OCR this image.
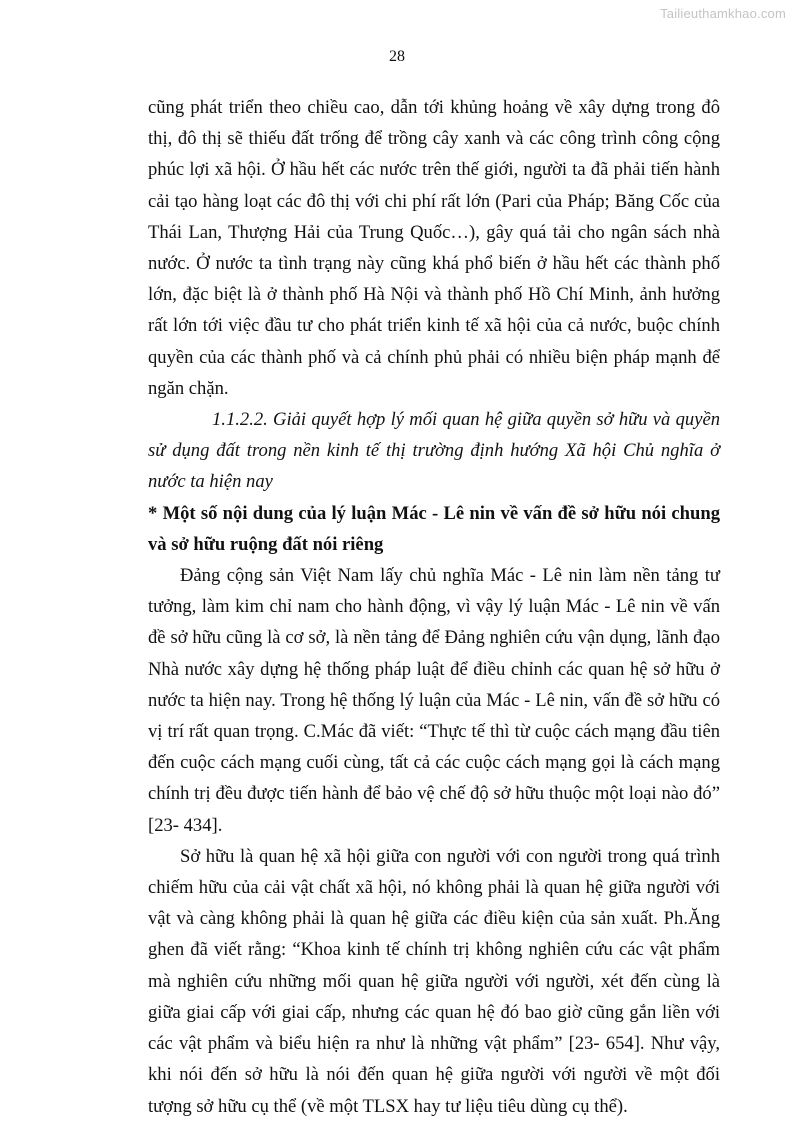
Tailieuthamkhao.com
28

cũng phát triển theo chiều cao, dẫn tới khủng hoảng về xây dựng trong đô thị, đô thị sẽ thiếu đất trống để trồng cây xanh và các công trình công cộng phúc lợi xã hội. Ở hầu hết các nước trên thế giới, người ta đã phải tiến hành cải tạo hàng loạt các đô thị với chi phí rất lớn (Pari của Pháp; Băng Cốc của Thái Lan, Thượng Hải của Trung Quốc…), gây quá tải cho ngân sách nhà nước. Ở nước ta tình trạng này cũng khá phổ biến ở hầu hết các thành phố lớn, đặc biệt là ở thành phố Hà Nội và thành phố Hồ Chí Minh, ảnh hưởng rất lớn tới việc đầu tư cho phát triển kinh tế xã hội của cả nước, buộc chính quyền của các thành phố và cả chính phủ phải có nhiều biện pháp mạnh để ngăn chặn.

1.1.2.2. Giải quyết hợp lý mối quan hệ giữa quyền sở hữu và quyền sử dụng đất trong nền kinh tế thị trường định hướng Xã hội Chủ nghĩa ở nước ta hiện nay

* Một số nội dung của lý luận Mác - Lê nin về vấn đề sở hữu nói chung và sở hữu ruộng đất nói riêng

Đảng cộng sản Việt Nam lấy chủ nghĩa Mác - Lê nin làm nền tảng tư tưởng, làm kim chỉ nam cho hành động, vì vậy lý luận Mác - Lê nin về vấn đề sở hữu cũng là cơ sở, là nền tảng để Đảng nghiên cứu vận dụng, lãnh đạo Nhà nước xây dựng hệ thống pháp luật để điều chỉnh các quan hệ sở hữu ở nước ta hiện nay. Trong hệ thống lý luận của Mác - Lê nin, vấn đề sở hữu có vị trí rất quan trọng. C.Mác đã viết: “Thực tế thì từ cuộc cách mạng đầu tiên đến cuộc cách mạng cuối cùng, tất cả các cuộc cách mạng gọi là cách mạng chính trị đều được tiến hành để bảo vệ chế độ sở hữu thuộc một loại nào đó” [23- 434].

Sở hữu là quan hệ xã hội giữa con người với con người trong quá trình chiếm hữu của cải vật chất xã hội, nó không phải là quan hệ giữa người với vật và càng không phải là quan hệ giữa các điều kiện của sản xuất. Ph.Ăng ghen đã viết rằng: “Khoa kinh tế chính trị không nghiên cứu các vật phẩm mà nghiên cứu những mối quan hệ giữa người với người, xét đến cùng là giữa giai cấp với giai cấp, nhưng các quan hệ đó bao giờ cũng gắn liền với các vật phẩm và biểu hiện ra như là những vật phẩm” [23- 654]. Như vậy, khi nói đến sở hữu là nói đến quan hệ giữa người với người về một đối tượng sở hữu cụ thể (về một TLSX hay tư liệu tiêu dùng cụ thể).
